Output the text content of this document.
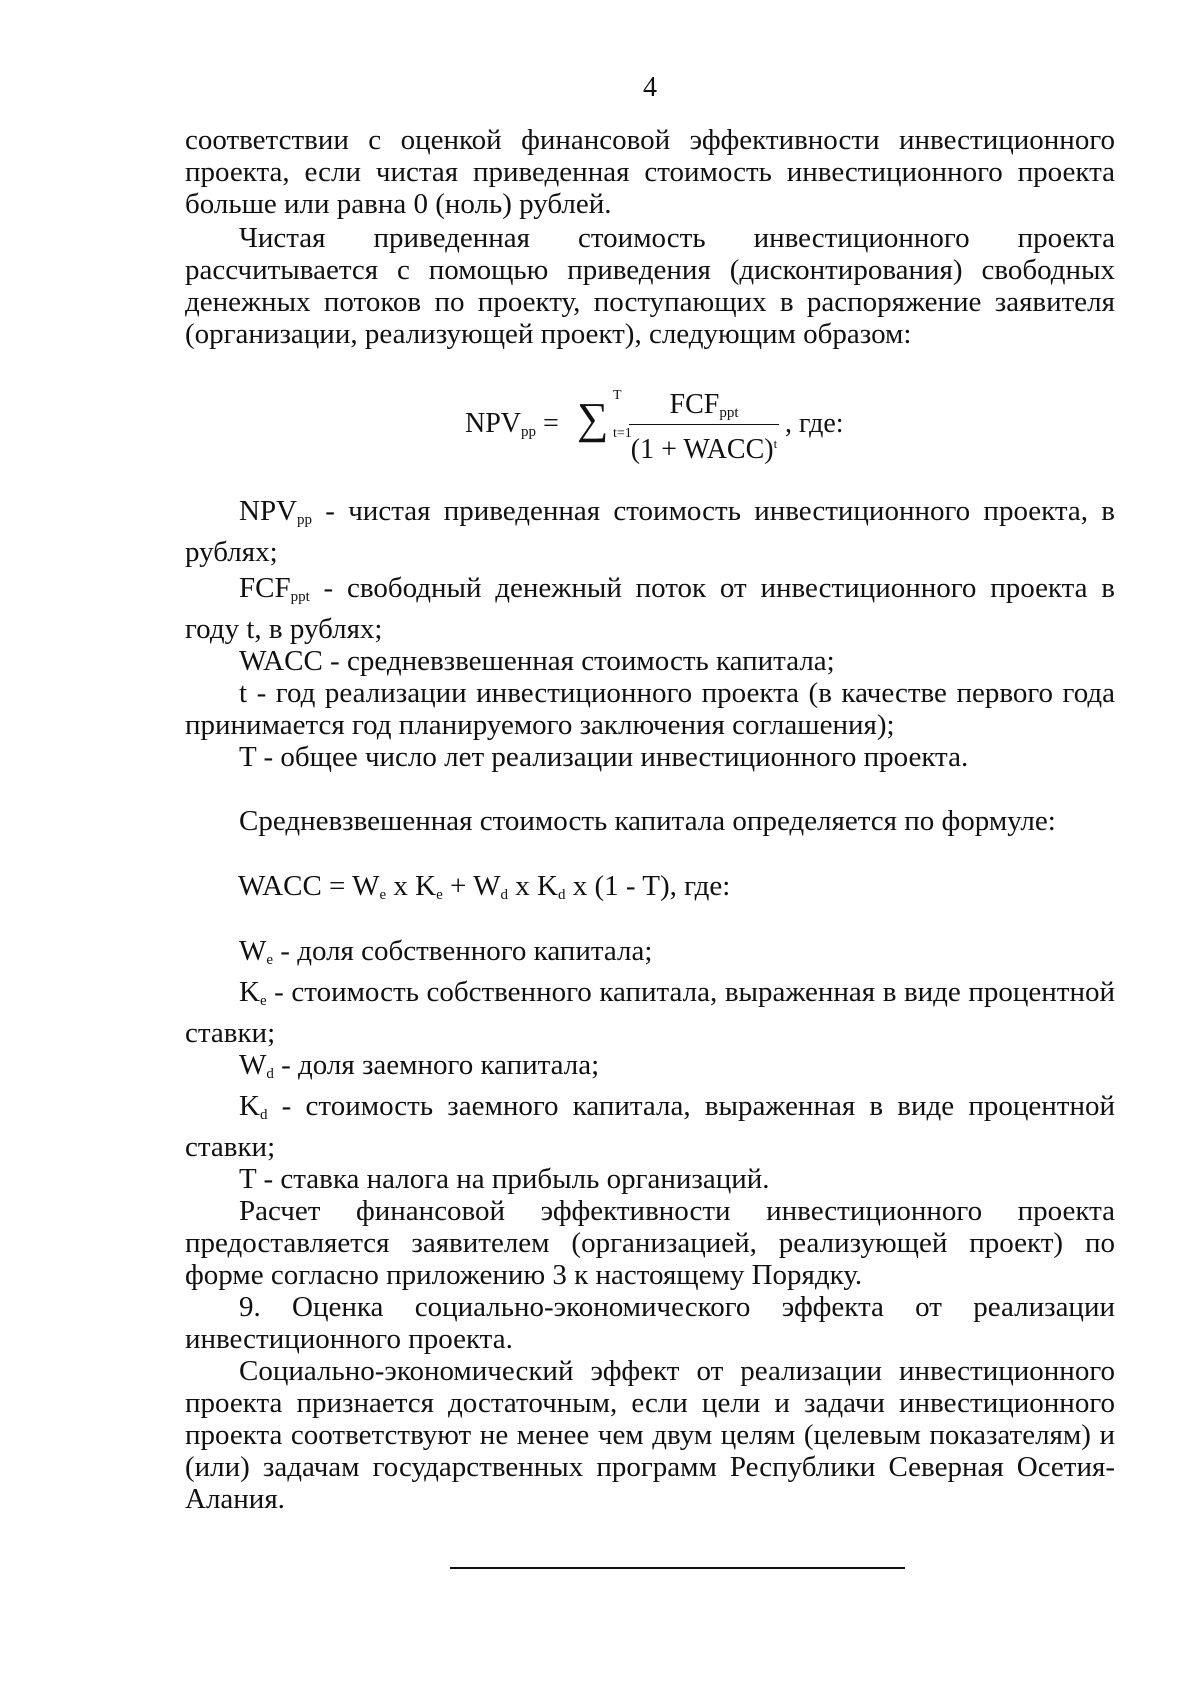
4

соответствии с оценкой финансовой эффективности инвестиционного проекта, если чистая приведенная стоимость инвестиционного проекта больше или равна 0 (ноль) рублей.

Чистая приведенная стоимость инвестиционного проекта рассчитывается с помощью приведения (дисконтирования) свободных денежных потоков по проекту, поступающих в распоряжение заявителя (организации, реализующей проект), следующим образом:

$NPV_{pp}$ = ∑ T
t=1
$FCF_{ppt}$
(1 + WACC)$^t$
, где:

$NPV_{pp}$ - чистая приведенная стоимость инвестиционного проекта, в рублях;

$FCF_{ppt}$ - свободный денежный поток от инвестиционного проекта в году t, в рублях;

WACC - средневзвешенная стоимость капитала;

t - год реализации инвестиционного проекта (в качестве первого года принимается год планируемого заключения соглашения);

T - общее число лет реализации инвестиционного проекта.

Средневзвешенная стоимость капитала определяется по формуле:

WACC = $W_e$ x $K_e + W_d$ x $K_d$ x (1 - T), где:

$W_e$ - доля собственного капитала;

$K_e$ - стоимость собственного капитала, выраженная в виде процентной ставки;

$W_d$ - доля заемного капитала;

$K_d$ - стоимость заемного капитала, выраженная в виде процентной ставки;

T - ставка налога на прибыль организаций.

Расчет финансовой эффективности инвестиционного проекта предоставляется заявителем (организацией, реализующей проект) по форме согласно приложению 3 к настоящему Порядку.

9. Оценка социально-экономического эффекта от реализации инвестиционного проекта.

Социально-экономический эффект от реализации инвестиционного проекта признается достаточным, если цели и задачи инвестиционного проекта соответствуют не менее чем двум целям (целевым показателям) и (или) задачам государственных программ Республики Северная Осетия-Алания.
